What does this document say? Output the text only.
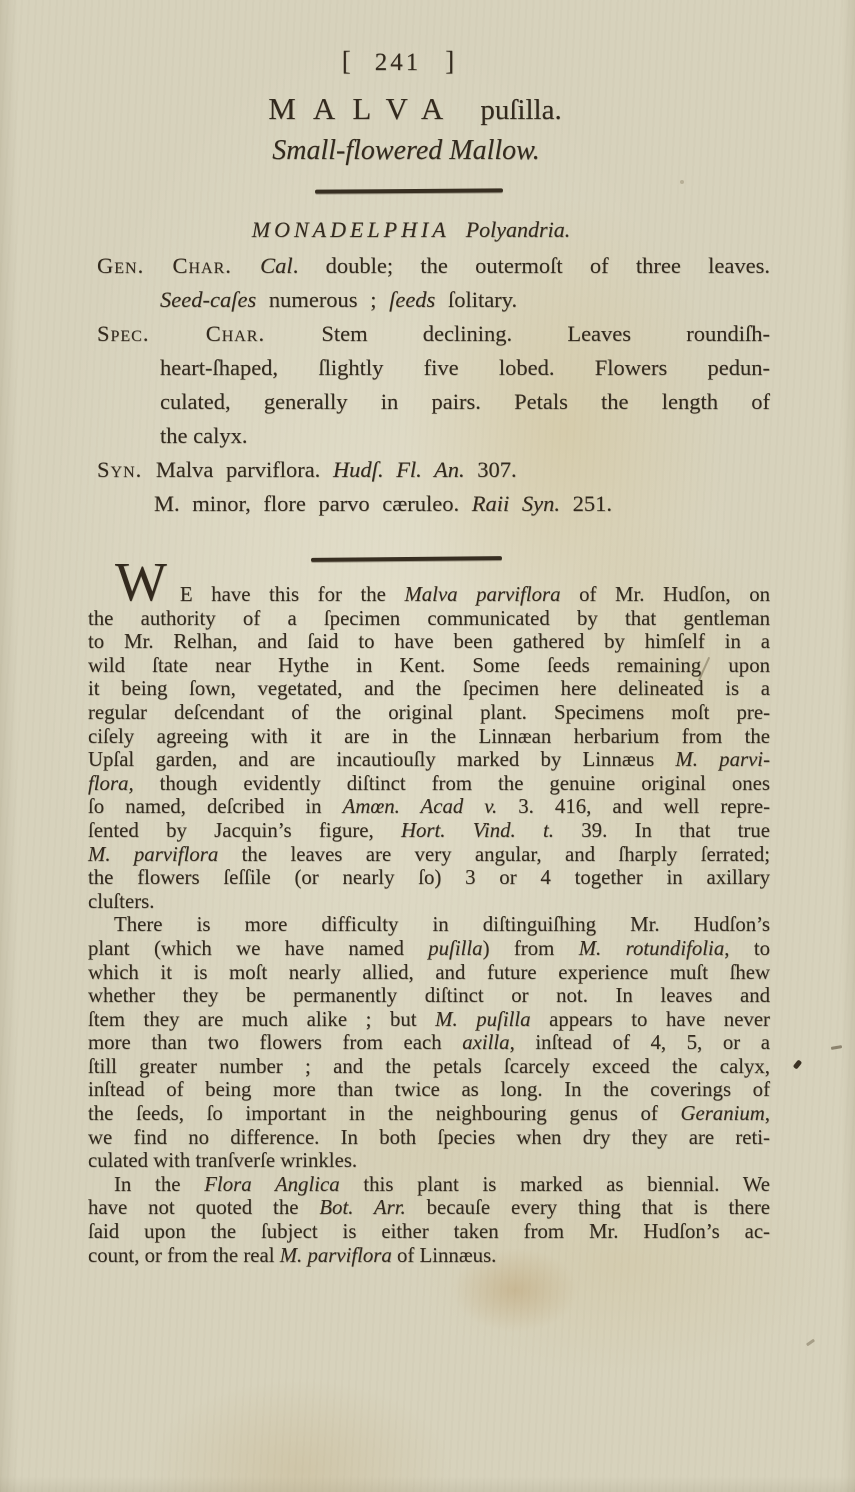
[ 241 ]
MALVA puſilla.
Small-flowered Mallow.
MONADELPHIA Polyandria.
Gen. Char. Cal. double; the outermoſt of three leaves.
Seed-caſes numerous ; ſeeds ſolitary.
Spec. Char. Stem declining. Leaves roundiſh-
heart-ſhaped, ſlightly five lobed. Flowers pedun-
culated, generally in pairs. Petals the length of
the calyx.
Syn. Malva parviflora. Hudſ. Fl. An. 307.
M. minor, flore parvo cæruleo. Raii Syn. 251.
W E have this for the Malva parviflora of Mr. Hudſon, on
the authority of a ſpecimen communicated by that gentleman
to Mr. Relhan, and ſaid to have been gathered by himſelf in a
wild ſtate near Hythe in Kent. Some ſeeds remaining upon
it being ſown, vegetated, and the ſpecimen here delineated is a
regular deſcendant of the original plant. Specimens moſt pre-
ciſely agreeing with it are in the Linnæan herbarium from the
Upſal garden, and are incautiouſly marked by Linnæus M. parvi-
flora, though evidently diſtinct from the genuine original ones
ſo named, deſcribed in Amœn. Acad v. 3. 416, and well repre-
ſented by Jacquin’s figure, Hort. Vind. t. 39. In that true
M. parviflora the leaves are very angular, and ſharply ſerrated;
the flowers ſeſſile (or nearly ſo) 3 or 4 together in axillary
cluſters.
There is more difficulty in diſtinguiſhing Mr. Hudſon’s
plant (which we have named puſilla) from M. rotundifolia, to
which it is moſt nearly allied, and future experience muſt ſhew
whether they be permanently diſtinct or not. In leaves and
ſtem they are much alike ; but M. puſilla appears to have never
more than two flowers from each axilla, inſtead of 4, 5, or a
ſtill greater number ; and the petals ſcarcely exceed the calyx,
inſtead of being more than twice as long. In the coverings of
the ſeeds, ſo important in the neighbouring genus of Geranium,
we find no difference. In both ſpecies when dry they are reti-
culated with tranſverſe wrinkles.
In the Flora Anglica this plant is marked as biennial. We
have not quoted the Bot. Arr. becauſe every thing that is there
ſaid upon the ſubject is either taken from Mr. Hudſon’s ac-
count, or from the real M. parviflora of Linnæus.
